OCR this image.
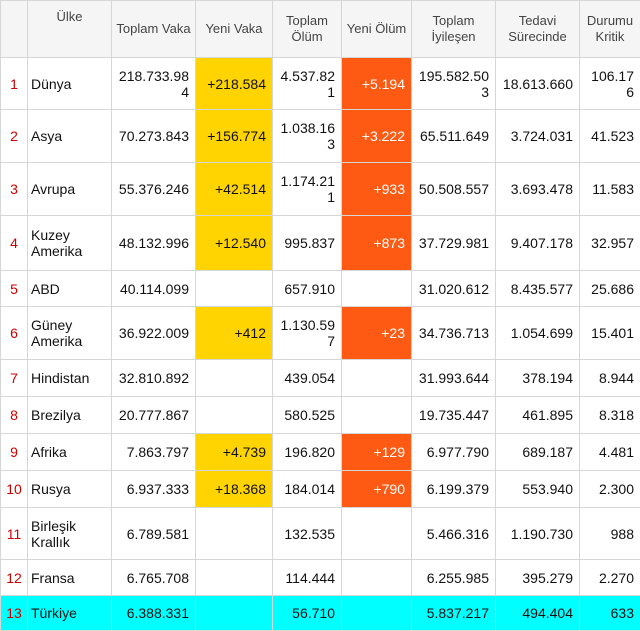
	Ülke	Toplam Vaka	Yeni Vaka	Toplam Ölüm	Yeni Ölüm	Toplam İyileşen	Tedavi Sürecinde	Durumu Kritik
1	Dünya	218.733.984	+218.584	4.537.821	+5.194	195.582.503	18.613.660	106.176
2	Asya	70.273.843	+156.774	1.038.163	+3.222	65.511.649	3.724.031	41.523
3	Avrupa	55.376.246	+42.514	1.174.211	+933	50.508.557	3.693.478	11.583
4	Kuzey Amerika	48.132.996	+12.540	995.837	+873	37.729.981	9.407.178	32.957
5	ABD	40.114.099		657.910		31.020.612	8.435.577	25.686
6	Güney Amerika	36.922.009	+412	1.130.597	+23	34.736.713	1.054.699	15.401
7	Hindistan	32.810.892		439.054		31.993.644	378.194	8.944
8	Brezilya	20.777.867		580.525		19.735.447	461.895	8.318
9	Afrika	7.863.797	+4.739	196.820	+129	6.977.790	689.187	4.481
10	Rusya	6.937.333	+18.368	184.014	+790	6.199.379	553.940	2.300
11	Birleşik Krallık	6.789.581		132.535		5.466.316	1.190.730	988
12	Fransa	6.765.708		114.444		6.255.985	395.279	2.270
13	Türkiye	6.388.331		56.710		5.837.217	494.404	633
